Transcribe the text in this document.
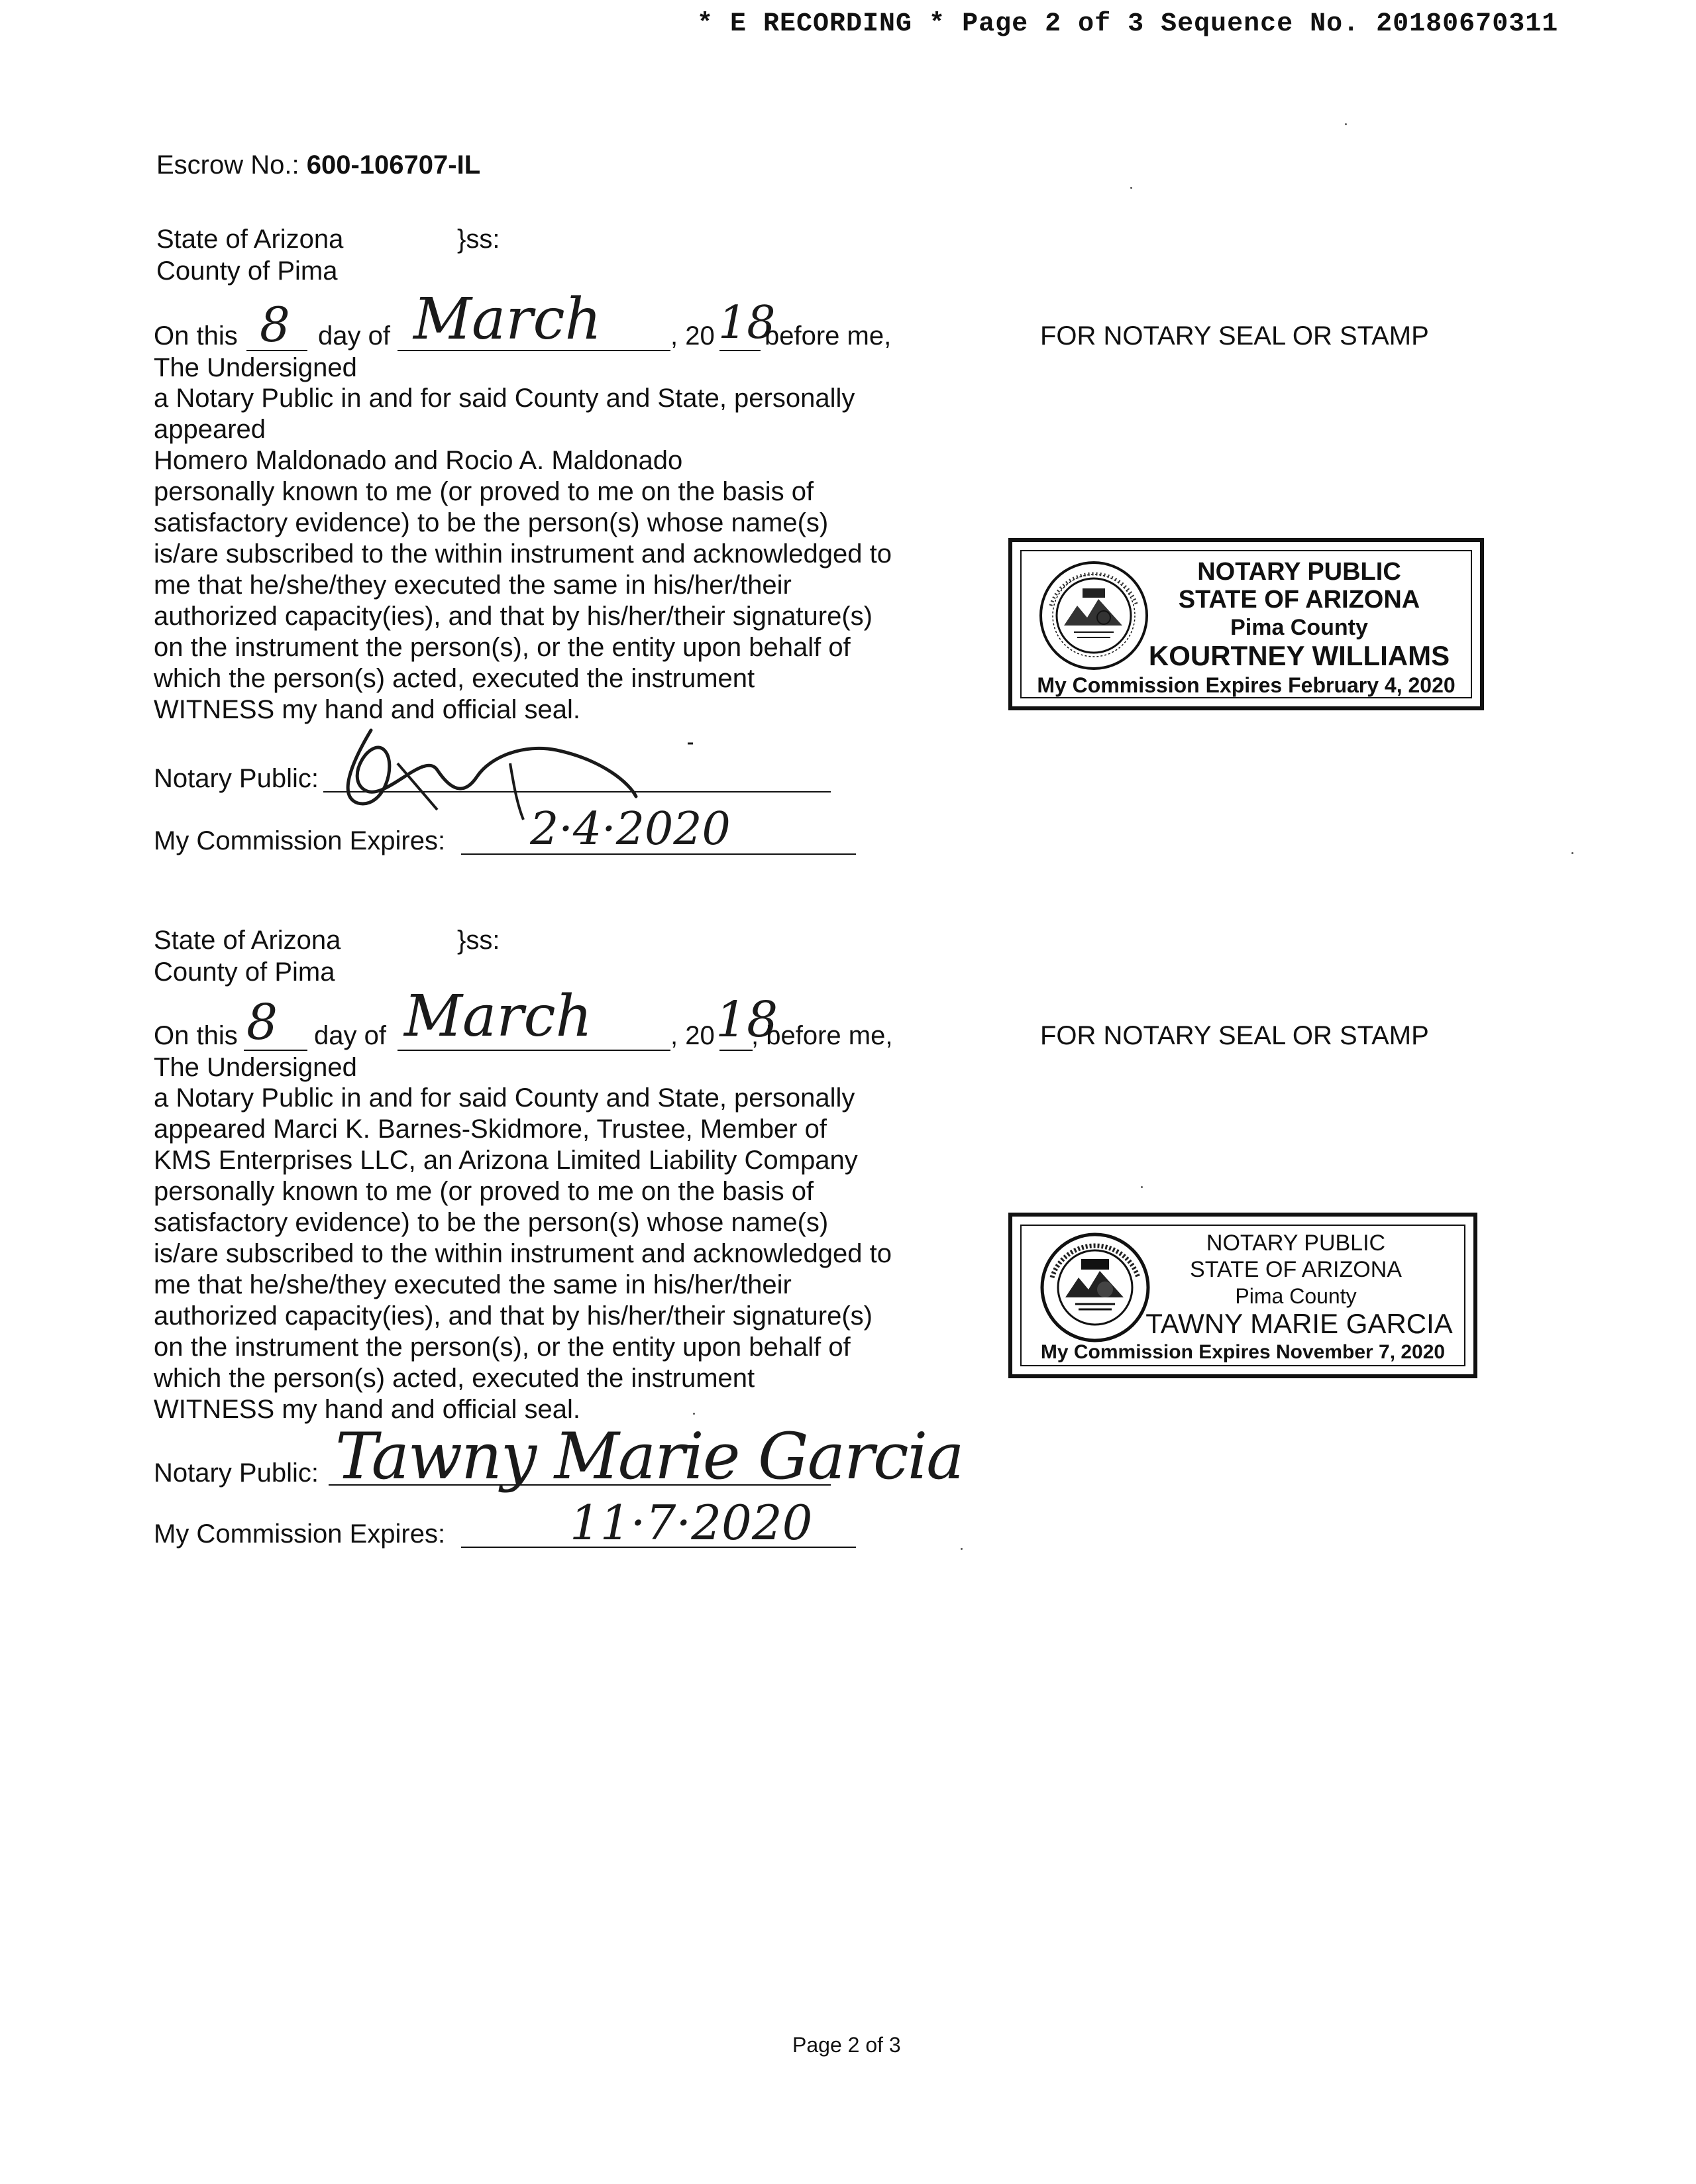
* E RECORDING * Page 2 of 3 Sequence No. 20180670311
Escrow No.: 600-106707-IL
State of Arizona	}ss:
County of Pima
On this 8 day of March	, 20 18
before me,
The Undersigned
a Notary Public in and for said County and State, personally
appeared
Homero Maldonado and Rocio A. Maldonado
personally known to me (or proved to me on the basis of
satisfactory evidence) to be the person(s) whose name(s)
is/are subscribed to the within instrument and acknowledged to
me that he/she/they executed the same in his/her/their
authorized capacity(ies), and that by his/her/their signature(s)
on the instrument the person(s), or the entity upon behalf of
which the person(s) acted, executed the instrument
WITNESS my hand and official seal.
Notary Public:
My Commission Expires: 2·4·2020
FOR NOTARY SEAL OR STAMP
NOTARY PUBLIC
STATE OF ARIZONA
Pima County
KOURTNEY WILLIAMS
My Commission Expires February 4, 2020
State of Arizona	}ss:
County of Pima
On this 8 day of March	, 20 18
, before me,
The Undersigned
a Notary Public in and for said County and State, personally
appeared Marci K. Barnes-Skidmore, Trustee, Member of
KMS Enterprises LLC, an Arizona Limited Liability Company
personally known to me (or proved to me on the basis of
satisfactory evidence) to be the person(s) whose name(s)
is/are subscribed to the within instrument and acknowledged to
me that he/she/they executed the same in his/her/their
authorized capacity(ies), and that by his/her/their signature(s)
on the instrument the person(s), or the entity upon behalf of
which the person(s) acted, executed the instrument
WITNESS my hand and official seal.
Notary Public: Tawny Marie Garcia
My Commission Expires:	11·7·2020
FOR NOTARY SEAL OR STAMP
NOTARY PUBLIC
STATE OF ARIZONA
Pima County
TAWNY MARIE GARCIA
My Commission Expires November 7, 2020
Page 2 of 3
